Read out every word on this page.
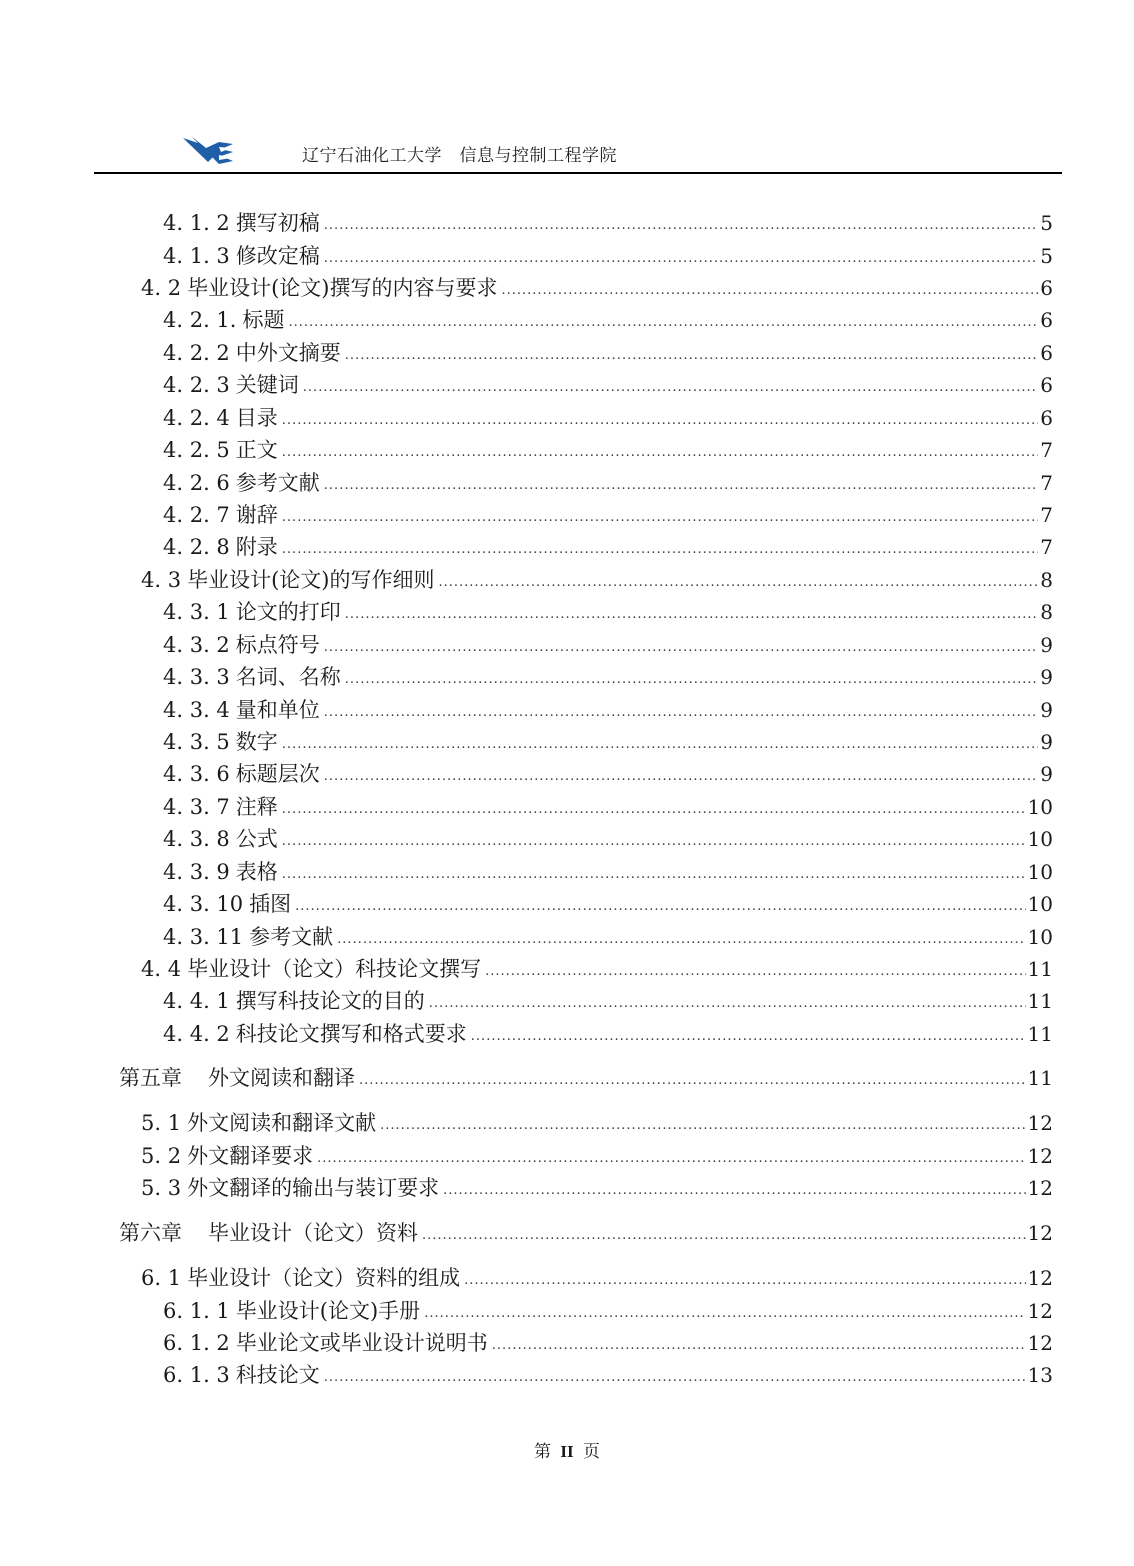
辽宁石油化工大学　信息与控制工程学院
4. 1. 2 撰写初稿 .....	5
4. 1. 3 修改定稿 .....	5
4. 2 毕业设计(论文)撰写的内容与要求 .....	6
4. 2. 1. 标题 .....	6
4. 2. 2 中外文摘要 .....	6
4. 2. 3 关键词 .....	6
4. 2. 4 目录 .....	6
4. 2. 5 正文 .....	7
4. 2. 6 参考文献 .....	7
4. 2. 7 谢辞 .....	7
4. 2. 8 附录 .....	7
4. 3 毕业设计(论文)的写作细则 .....	8
4. 3. 1 论文的打印 .....	8
4. 3. 2 标点符号 .....	9
4. 3. 3 名词、名称 .....	9
4. 3. 4 量和单位 .....	9
4. 3. 5 数字 .....	9
4. 3. 6 标题层次 .....	9
4. 3. 7 注释 .....	10
4. 3. 8 公式 .....	10
4. 3. 9 表格 .....	10
4. 3. 10 插图 .....	10
4. 3. 11 参考文献 .....	10
4. 4 毕业设计（论文）科技论文撰写 .....	11
4. 4. 1 撰写科技论文的目的 .....	11
4. 4. 2 科技论文撰写和格式要求 .....	11
第五章 外文阅读和翻译 .....	11
5. 1 外文阅读和翻译文献 .....	12
5. 2 外文翻译要求 .....	12
5. 3 外文翻译的输出与装订要求 .....	12
第六章 毕业设计（论文）资料 .....	12
6. 1 毕业设计（论文）资料的组成 .....	12
6. 1. 1 毕业设计(论文)手册 .....	12
6. 1. 2 毕业论文或毕业设计说明书 .....	12
6. 1. 3 科技论文 .....	13
第 II 页
